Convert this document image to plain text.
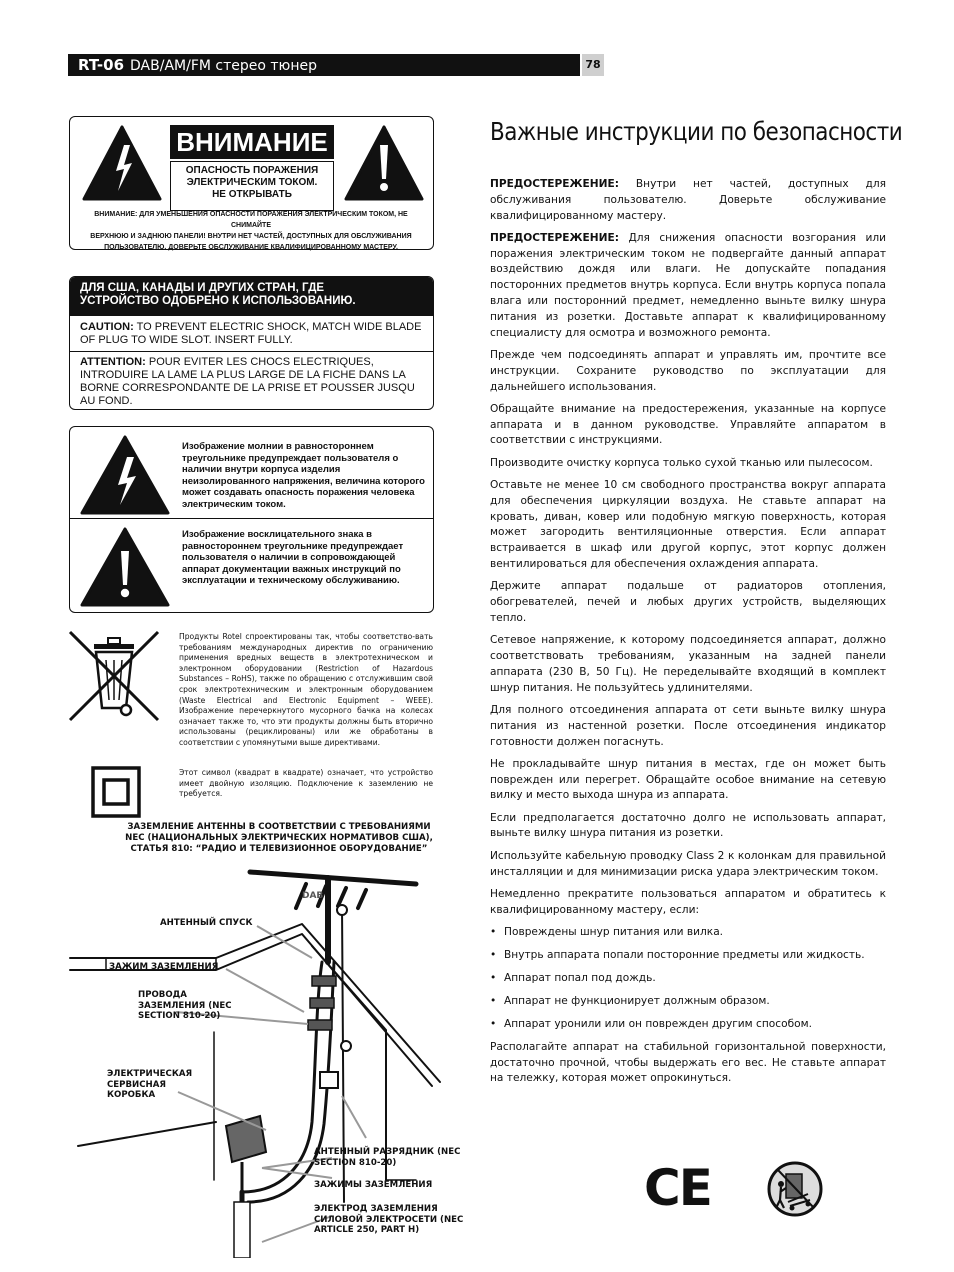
RT-06 DAB/AM/FM стерео тюнер	78
ВНИМАНИЕ
ОПАСНОСТЬ ПОРАЖЕНИЯ
ЭЛЕКТРИЧЕСКИМ ТОКОМ.
НЕ ОТКРЫВАТЬ
ВНИМАНИЕ: ДЛЯ УМЕНЬШЕНИЯ ОПАСНОСТИ ПОРАЖЕНИЯ ЭЛЕКТРИЧЕСКИМ ТОКОМ, НЕ СНИМАЙТЕ
ВЕРХНЮЮ И ЗАДНЮЮ ПАНЕЛИ! ВНУТРИ НЕТ ЧАСТЕЙ, ДОСТУПНЫХ ДЛЯ ОБСЛУЖИВАНИЯ
ПОЛЬЗОВАТЕЛЮ. ДОВЕРЬТЕ ОБСЛУЖИВАНИЕ КВАЛИФИЦИРОВАННОМУ МАСТЕРУ.
ДЛЯ США, КАНАДЫ И ДРУГИХ СТРАН, ГДЕ
УСТРОЙСТВО ОДОБРЕНО К ИСПОЛЬЗОВАНИЮ.
CAUTION: TO PREVENT ELECTRIC SHOCK, MATCH WIDE BLADE OF PLUG TO WIDE SLOT. INSERT FULLY.
ATTENTION: POUR EVITER LES CHOCS ELECTRIQUES, INTRODUIRE LA LAME LA PLUS LARGE DE LA FICHE DANS LA BORNE CORRESPONDANTE DE LA PRISE ET POUSSER JUSQU AU FOND.
Изображение молнии в равностороннем треугольнике предупреждает пользователя о наличии внутри корпуса изделия неизолированного напряжения, величина которого может создавать опасность поражения человека электрическим током.
Изображение восклицательного знака в равностороннем треугольнике предупреждает пользователя о наличии в сопровождающей аппарат документации важных инструкций по эксплуатации и техническому обслуживанию.
Продукты Rotel спроектированы так, чтобы соответство-вать требованиям международных директив по ограничению применения вредных веществ в электротехническом и электронном оборудовании (Restriction of Hazardous Substances – RoHS), также по обращению с отслужившим свой срок электротехническим и электронным оборудованием (Waste Electrical and Electronic Equipment – WEEE). Изображение перечеркнутого мусорного бачка на колесах означает также то, что эти продукты должны быть вторично использованы (рециклированы) или же обработаны в соответствии с упомянутыми выше директивами.
Этот символ (квадрат в квадрате) означает, что устройство имеет двойную изоляцию. Подключение к заземлению не требуется.
ЗАЗЕМЛЕНИЕ АНТЕННЫ В СООТВЕТСТВИИ С ТРЕБОВАНИЯМИ
NEC (НАЦИОНАЛЬНЫХ ЭЛЕКТРИЧЕСКИХ НОРМАТИВОВ США),
СТАТЬЯ 810: “РАДИО И ТЕЛЕВИЗИОННОЕ ОБОРУДОВАНИЕ”
DAB
АНТЕННЫЙ СПУСК
ЗАЖИМ ЗАЗЕМЛЕНИЯ
ПРОВОДА
ЗАЗЕМЛЕНИЯ (NEC
SECTION 810-20)
ЭЛЕКТРИЧЕСКАЯ
СЕРВИСНАЯ
КОРОБКА
АНТЕННЫЙ РАЗРЯДНИК (NEC
SECTION 810-20)
ЗАЖИМЫ ЗАЗЕМЛЕНИЯ
ЭЛЕКТРОД ЗАЗЕМЛЕНИЯ
СИЛОВОЙ ЭЛЕКТРОСЕТИ (NEC
ARTICLE 250, PART H)
Важные инструкции по безопасности

ПРЕДОСТЕРЕЖЕНИЕ: Внутри нет частей, доступных для обслуживания пользователю. Доверьте обслуживание квалифицированному мастеру.

ПРЕДОСТЕРЕЖЕНИЕ: Для снижения опасности возгорания или поражения электрическим током не подвергайте данный аппарат воздействию дождя или влаги. Не допускайте попадания посторонних предметов внутрь корпуса. Если внутрь корпуса попала влага или посторонний предмет, немедленно выньте вилку шнура питания из розетки. Доставьте аппарат к квалифицированному специалисту для осмотра и возможного ремонта.

Прежде чем подсоединять аппарат и управлять им, прочтите все инструкции. Сохраните руководство по эксплуатации для дальнейшего использования.

Обращайте внимание на предостережения, указанные на корпусе аппарата и в данном руководстве. Управляйте аппаратом в соответствии с инструкциями.

Производите очистку корпуса только сухой тканью или пылесосом.

Оставьте не менее 10 см свободного пространства вокруг аппарата для обеспечения циркуляции воздуха. Не ставьте аппарат на кровать, диван, ковер или подобную мягкую поверхность, которая может загородить вентиляционные отверстия. Если аппарат встраивается в шкаф или другой корпус, этот корпус должен вентилироваться для обеспечения охлаждения аппарата.

Держите аппарат подальше от радиаторов отопления, обогревателей, печей и любых других устройств, выделяющих тепло.

Сетевое напряжение, к которому подсоединяется аппарат, должно соответствовать требованиям, указанным на задней панели аппарата (230 В, 50 Гц). Не переделывайте входящий в комплект шнур питания. Не пользуйтесь удлинителями.

Для полного отсоединения аппарата от сети выньте вилку шнура питания из настенной розетки. После отсоединения индикатор готовности должен погаснуть.

Не прокладывайте шнур питания в местах, где он может быть поврежден или перегрет. Обращайте особое внимание на сетевую вилку и место выхода шнура из аппарата.

Если предполагается достаточно долго не использовать аппарат, выньте вилку шнура питания из розетки.

Используйте кабельную проводку Class 2 к колонкам для правильной инсталляции и для минимизации риска удара электрическим током.

Немедленно прекратите пользоваться аппаратом и обратитесь к квалифицированному мастеру, если:

• Повреждены шнур питания или вилка.
• Внутрь аппарата попали посторонние предметы или жидкость.
• Аппарат попал под дождь.
• Аппарат не функционирует должным образом.
• Аппарат уронили или он поврежден другим способом.

Располагайте аппарат на стабильной горизонтальной поверхности, достаточно прочной, чтобы выдержать его вес. Не ставьте аппарат на тележку, которая может опрокинуться.

CE
